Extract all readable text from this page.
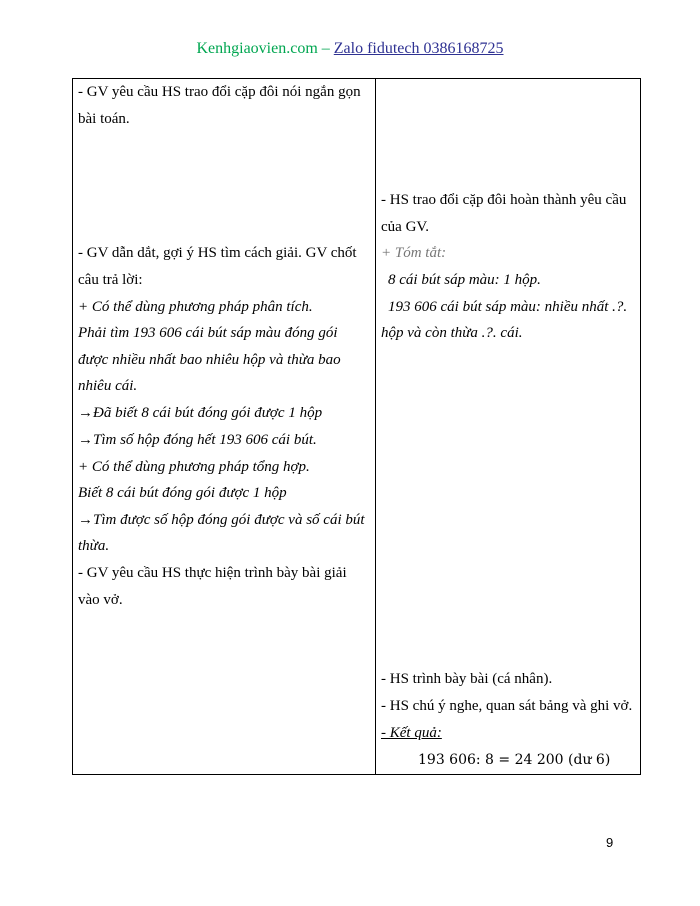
Kenhgiaovien.com – Zalo fidutech 0386168725
- GV yêu cầu HS trao đổi cặp đôi nói ngắn gọn
bài toán.
- GV dẫn dắt, gợi ý HS tìm cách giải. GV chốt
câu trả lời:
+ Có thể dùng phương pháp phân tích.
Phải tìm 193 606 cái bút sáp màu đóng gói
được nhiều nhất bao nhiêu hộp và thừa bao
nhiêu cái.
→Đã biết 8 cái bút đóng gói được 1 hộp
→Tìm số hộp đóng hết 193 606 cái bút.
+ Có thể dùng phương pháp tổng hợp.
Biết 8 cái bút đóng gói được 1 hộp
→Tìm được số hộp đóng gói được và số cái bút
thừa.
- GV yêu cầu HS thực hiện trình bày bài giải
vào vở.
- HS trao đổi cặp đôi hoàn thành yêu cầu
của GV.
+ Tóm tắt:
8 cái bút sáp màu: 1 hộp.
193 606 cái bút sáp màu: nhiều nhất .?.
hộp và còn thừa .?. cái.
- HS trình bày bài (cá nhân).
- HS chú ý nghe, quan sát bảng và ghi vở.
- Kết quả:
193 606: 8 = 24 200 (dư 6)
9
